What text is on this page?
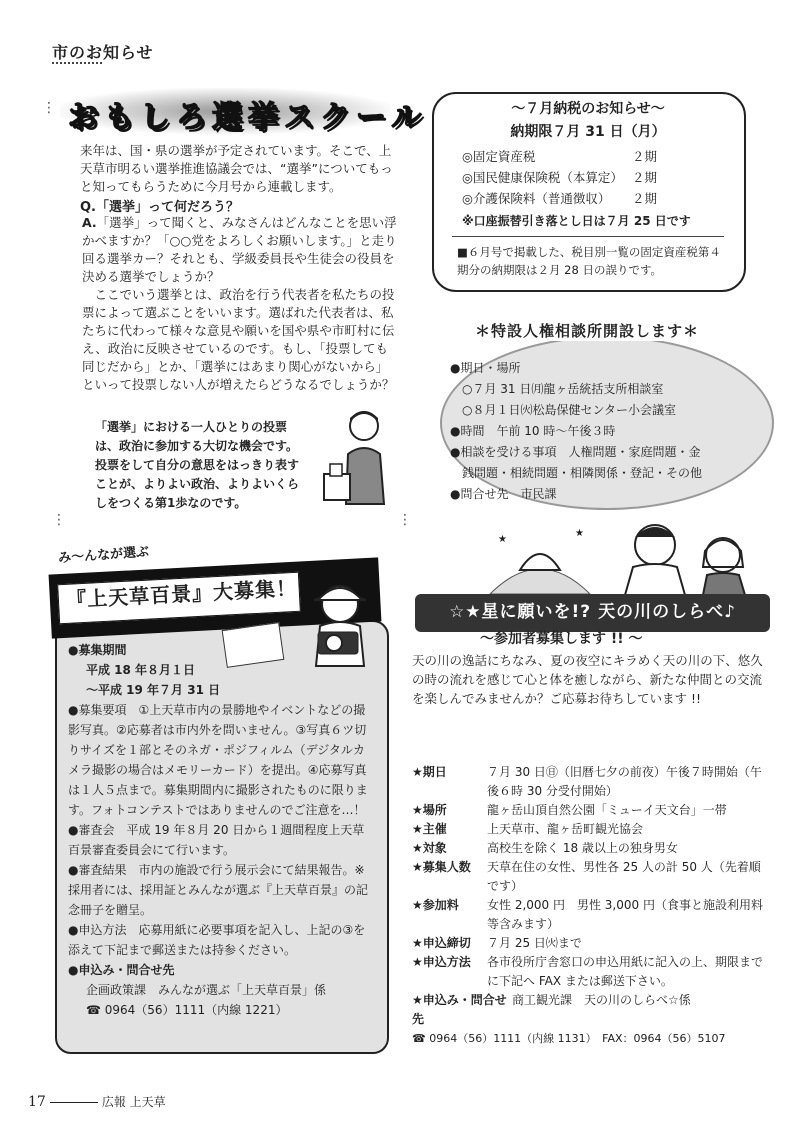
市のお知らせ
⋮ おもしろ選挙スクール
来年は、国・県の選挙が予定されています。そこで、上天草市明るい選挙推進協議会では、“選挙”についてもっと知ってもらうために今月号から連載します。
Q.「選挙」って何だろう？

A.「選挙」って聞くと、みなさんはどんなことを思い浮かべますか？「○○党をよろしくお願いします。」と走り回る選挙カー？それとも、学級委員長や生徒会の役員を決める選挙でしょうか？

ここでいう選挙とは、政治を行う代表者を私たちの投票によって選ぶことをいいます。選ばれた代表者は、私たちに代わって様々な意見や願いを国や県や市町村に伝え、政治に反映させているのです。もし、「投票しても同じだから」とか、「選挙にはあまり関心がないから」といって投票しない人が増えたらどうなるでしょうか？

「選挙」における一人ひとりの投票は、政治に参加する大切な機会です。投票をして自分の意思をはっきり表すことが、よりよい政治、よりよいくらしをつくる第1歩なのです。
⋮
～７月納税のお知らせ～
納期限７月 31 日（月）
◎固定資産税	２期
◎国民健康保険税（本算定） ２期
◎介護保険料（普通徴収） ２期
※口座振替引き落とし日は７月 25 日です
■６月号で掲載した、税目別一覧の固定資産税第４期分の納期限は２月 28 日の誤りです。
＊特設人権相談所開設します＊
●期日・場所
　○７月 31 日㈪龍ヶ岳統括支所相談室
　○８月１日㈫松島保健センター小会議室
●時間　午前 10 時～午後３時
●相談を受ける事項　人権問題・家庭問題・金
　銭問題・相続問題・相隣関係・登記・その他
●問合せ先　市民課
⋮
み～んなが選ぶ
『上天草百景』大募集！
●募集期間
平成 18 年８月１日
～平成 19 年７月 31 日
●募集要項　①上天草市内の景勝地やイベントなどの撮影写真。②応募者は市内外を問いません。③写真６ツ切りサイズを１部とそのネガ・ポジフィルム（デジタルカメラ撮影の場合はメモリーカード）を提出。④応募写真は１人５点まで。募集期間内に撮影されたものに限ります。フォトコンテストではありませんのでご注意を…！
●審査会　平成 19 年８月 20 日から１週間程度上天草百景審査委員会にて行います。
●審査結果　市内の施設で行う展示会にて結果報告。※採用者には、採用証とみんなが選ぶ『上天草百景』の記念冊子を贈呈。
●申込方法　応募用紙に必要事項を記入し、上記の③を添えて下記まで郵送または持参ください。
●申込み・問合せ先
企画政策課　みんなが選ぶ「上天草百景」係
☎ 0964（56）1111（内線 1221）
★
★
☆★星に願いを!? 天の川のしらべ♪
～参加者募集します !! ～
天の川の逸話にちなみ、夏の夜空にキラめく天の川の下、悠久の時の流れを感じて心と体を癒しながら、新たな仲間との交流を楽しんでみませんか？ご応募お待ちしています !!
★期日	７月 30 日㊐（旧暦七夕の前夜）午後７時開始（午後６時 30 分受付開始）
★場所	龍ヶ岳山頂自然公園「ミューイ天文台」一帯
★主催	上天草市、龍ヶ岳町観光協会
★対象	高校生を除く 18 歳以上の独身男女
★募集人数	天草在住の女性、男性各 25 人の計 50 人（先着順です）
★参加料	女性 2,000 円　男性 3,000 円（食事と施設利用料等含みます）
★申込締切	７月 25 日㈫まで
★申込方法	各市役所庁舎窓口の申込用紙に記入の上、期限までに下記へ FAX または郵送下さい。
★申込み・問合せ先
商工観光課　天の川のしらべ☆係
☎ 0964（56）1111（内線 1131）　FAX：0964（56）5107
17	広報 上天草
